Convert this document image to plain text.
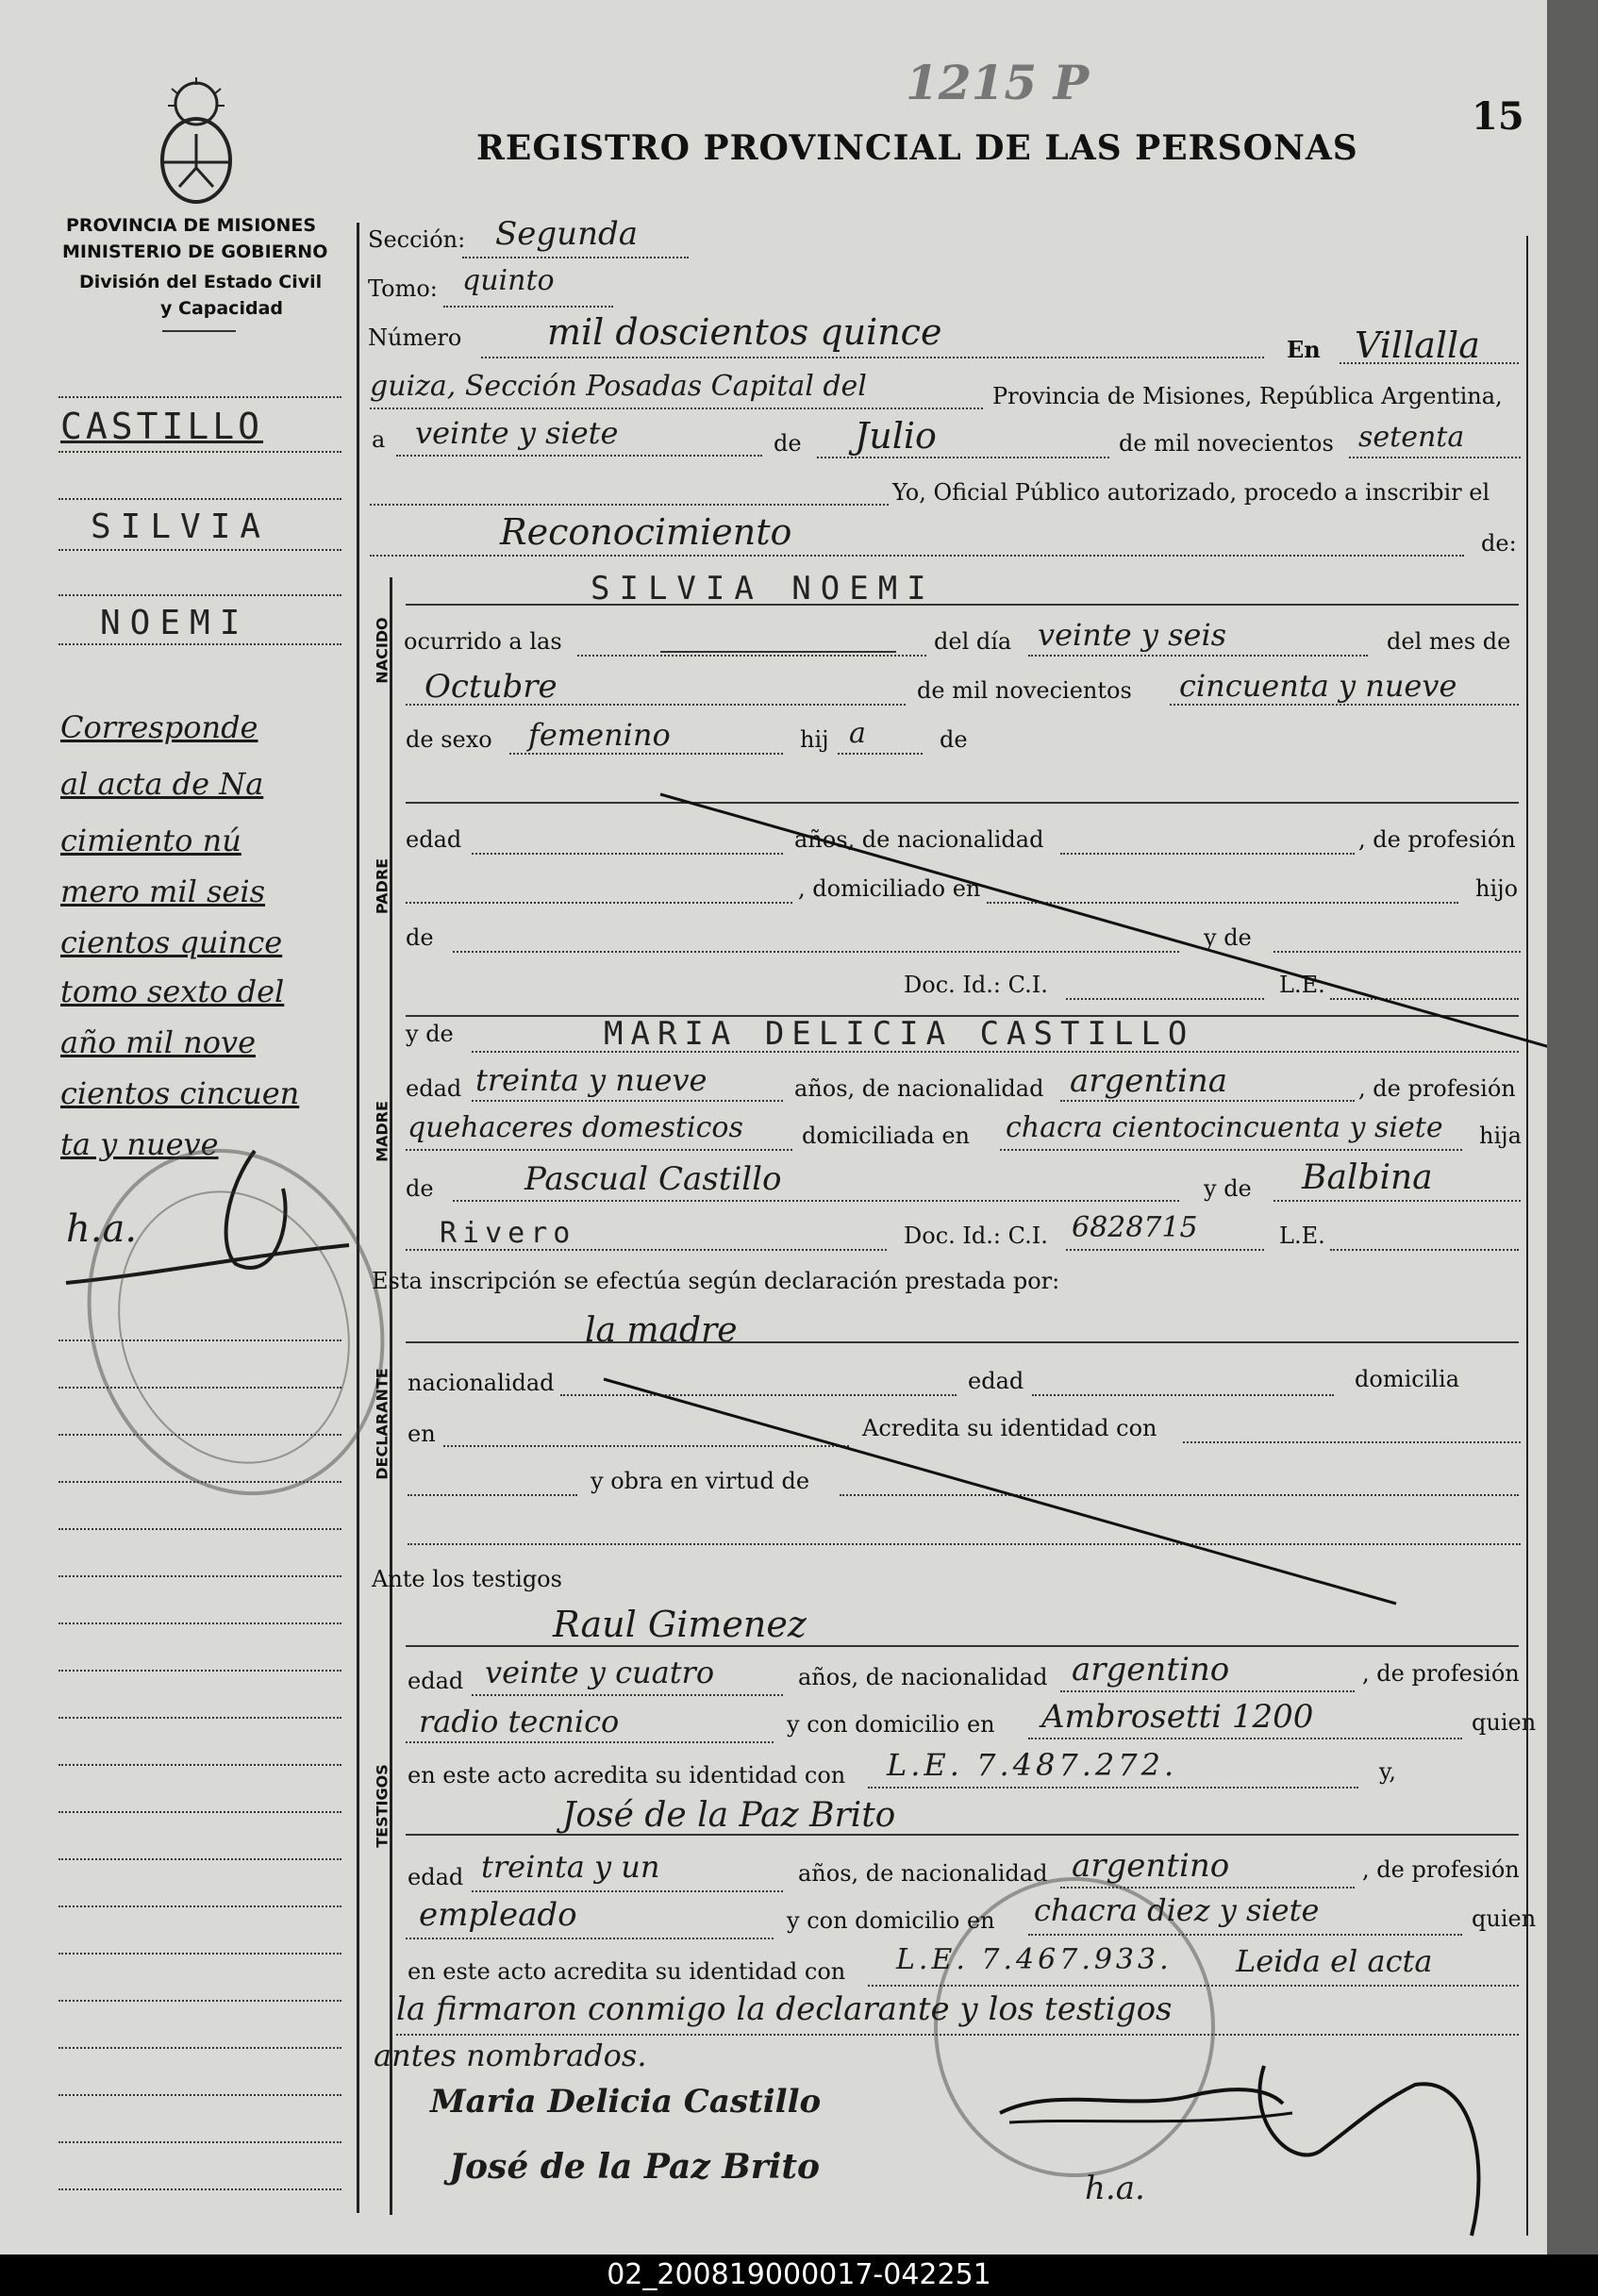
1215 P
15
REGISTRO PROVINCIAL DE LAS PERSONAS
PROVINCIA DE MISIONES
MINISTERIO DE GOBIERNO
División del Estado Civil
y Capacidad
CASTILLO
SILVIA
NOEMI
Corresponde
al acta de Na
cimiento nú
mero mil seis
cientos quince
tomo sexto del
año mil nove
cientos cincuen
ta y nueve
h.a.
Sección: Segunda
Tomo: quinto
Número mil doscientos quince	En Villalla
guiza, Sección Posadas Capital del	Provincia de Misiones, República Argentina,
a veinte y siete	de Julio	de mil novecientos setenta
Yo, Oficial Público autorizado, procedo a inscribir el
Reconocimiento	de:
NACIDO
SILVIA NOEMI
ocurrido a las	del día veinte y seis	del mes de
Octubre	de mil novecientos cincuenta y nueve
de sexo femenino	hij a	de
PADRE
edad	años, de nacionalidad	, de profesión
, domiciliado en	hijo
de	y de
Doc. Id.: C.I.	L.E.
MADRE
y de	MARIA DELICIA CASTILLO
edad treinta y nueve	años, de nacionalidad argentina	, de profesión
quehaceres domesticos	domiciliada en chacra cientocincuenta y siete hija
de	Pascual Castillo	y de Balbina
Rivero	Doc. Id.: C.I. 6828715	L.E.
Esta inscripción se efectúa según declaración prestada por:
DECLARANTE
la madre
nacionalidad	edad	domicilia
en	Acredita su identidad con
y obra en virtud de
Ante los testigos
TESTIGOS
Raul Gimenez
edad veinte y cuatro	años, de nacionalidad argentino	, de profesión
radio tecnico	y con domicilio en Ambrosetti 1200	quien
en este acto acredita su identidad con L.E. 7.487.272.	y,
José de la Paz Brito
edad treinta y un	años, de nacionalidad argentino	, de profesión
empleado	y con domicilio en chacra diez y siete	quien
en este acto acredita su identidad con L.E. 7.467.933. Leida el acta
la firmaron conmigo la declarante y los testigos
antes nombrados.
Maria Delicia Castillo
José de la Paz Brito
h.a.
02_200819000017-042251
